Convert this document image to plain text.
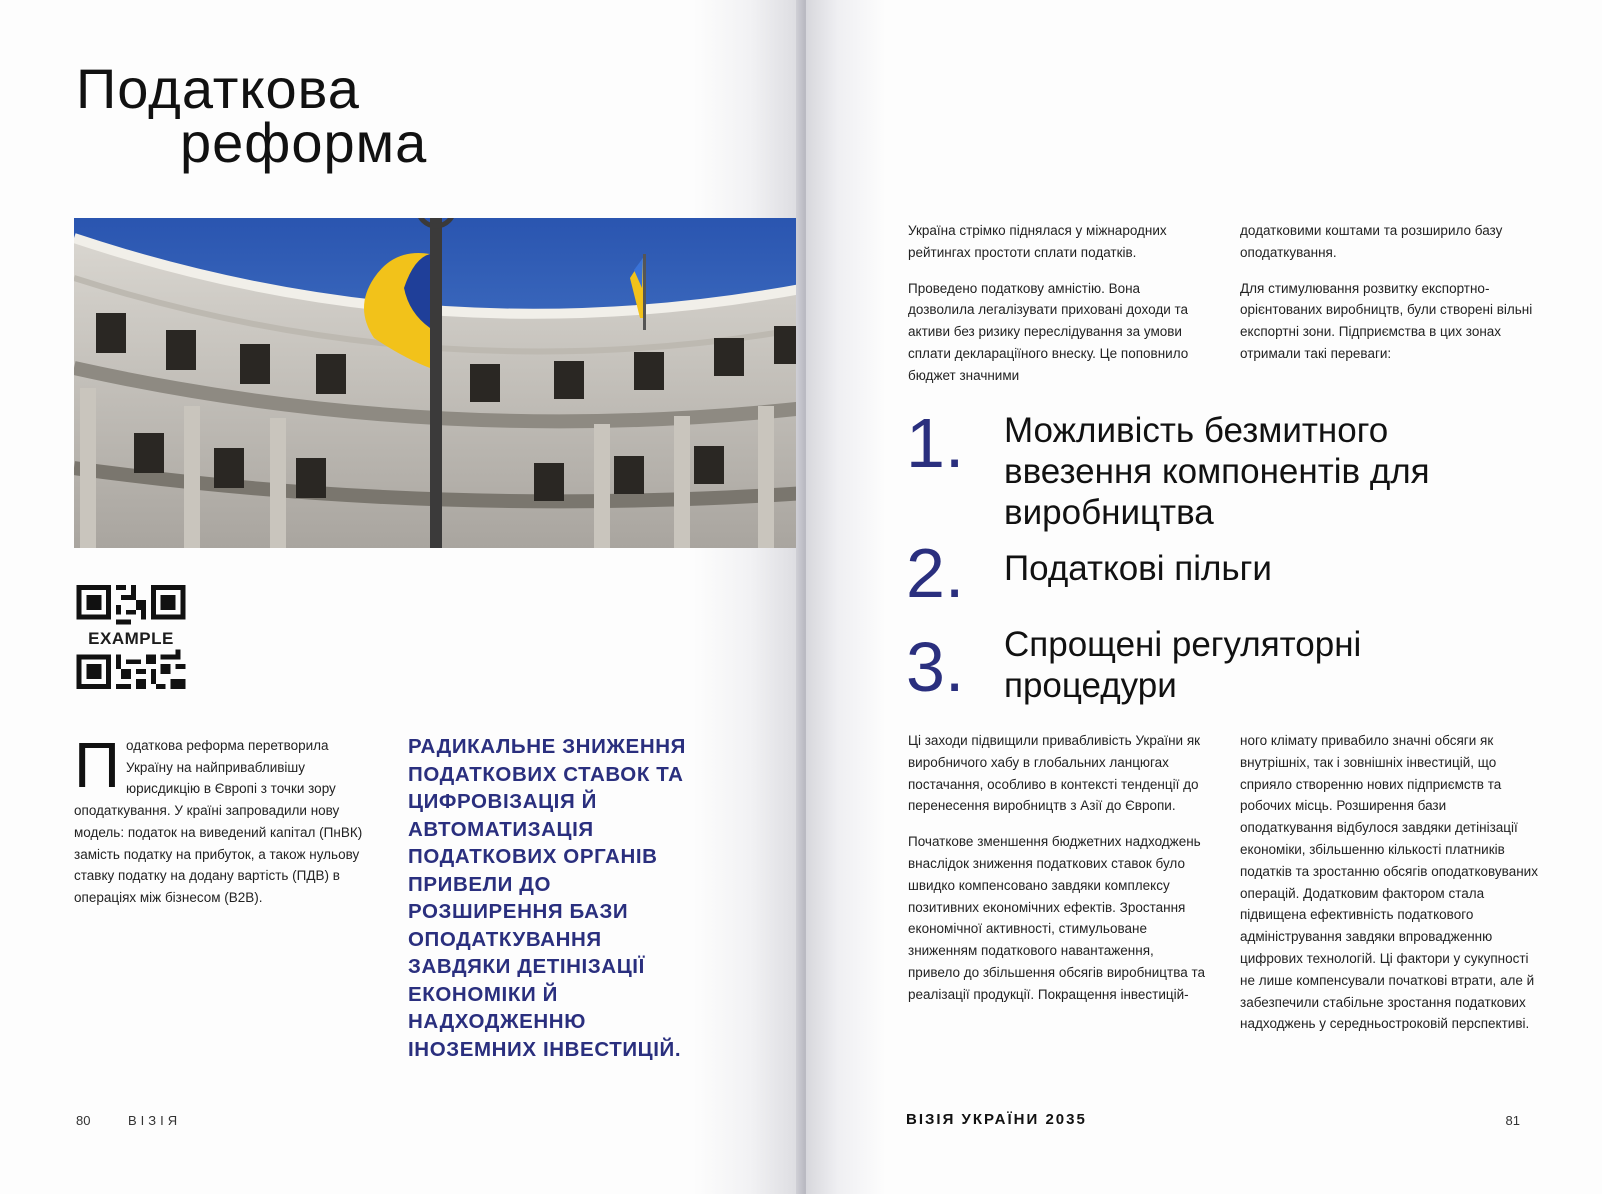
Податкова
реформа
EXAMPLE
Податкова реформа перетворила Україну на найпривабливішу юрисдикцію в Європі з точки зору оподаткування. У країні запровадили нову модель: податок на виведений капітал (ПнВК) замість податку на прибуток, а також нульову ставку податку на додану вартість (ПДВ) в операціях між бізнесом (B2B).
РАДИКАЛЬНЕ ЗНИЖЕННЯ ПОДАТКОВИХ СТАВОК ТА ЦИФРОВІЗАЦІЯ Й АВТОМАТИЗАЦІЯ ПОДАТКОВИХ ОРГАНІВ ПРИВЕЛИ ДО РОЗШИРЕННЯ БАЗИ ОПОДАТКУВАННЯ ЗАВДЯКИ ДЕТІНІЗАЦІЇ ЕКОНОМІКИ Й НАДХОДЖЕННЮ ІНОЗЕМНИХ ІНВЕСТИЦІЙ.
80	ВІЗІЯ

Україна стрімко піднялася у міжнародних рейтингах простоти сплати податків.

Проведено податкову амністію. Вона дозволила легалізувати приховані доходи та активи без ризику переслідування за умови сплати деклараціїного внеску. Це поповнило бюджет значними

додатковими коштами та розширило базу оподаткування.

Для стимулювання розвитку експортно-орієнтованих виробництв, були створені вільні експортні зони. Підприємства в цих зонах отримали такі переваги:

1.	Можливість безмитного ввезення компонентів для виробництва
2.	Податкові пільги
3.	Спрощені регуляторні процедури

Ці заходи підвищили привабливість України як виробничого хабу в глобальних ланцюгах постачання, особливо в контексті тенденції до перенесення виробництв з Азії до Європи.

Початкове зменшення бюджетних надходжень внаслідок зниження податкових ставок було швидко компенсовано завдяки комплексу позитивних економічних ефектів. Зростання економічної активності, стимульоване зниженням податкового навантаження, привело до збільшення обсягів виробництва та реалізації продукції. Покращення інвестицій-

ного клімату привабило значні обсяги як внутрішніх, так і зовнішніх інвестицій, що сприяло створенню нових підприємств та робочих місць. Розширення бази оподаткування відбулося завдяки детінізації економіки, збільшенню кількості платників податків та зростанню обсягів оподатковуваних операцій. Додатковим фактором стала підвищена ефективність податкового адміністрування завдяки впровадженню цифрових технологій. Ці фактори у сукупності не лише компенсували початкові втрати, але й забезпечили стабільне зростання податкових надходжень у середньостроковій перспективі.

ВІЗІЯ УКРАЇНИ 2035	81
